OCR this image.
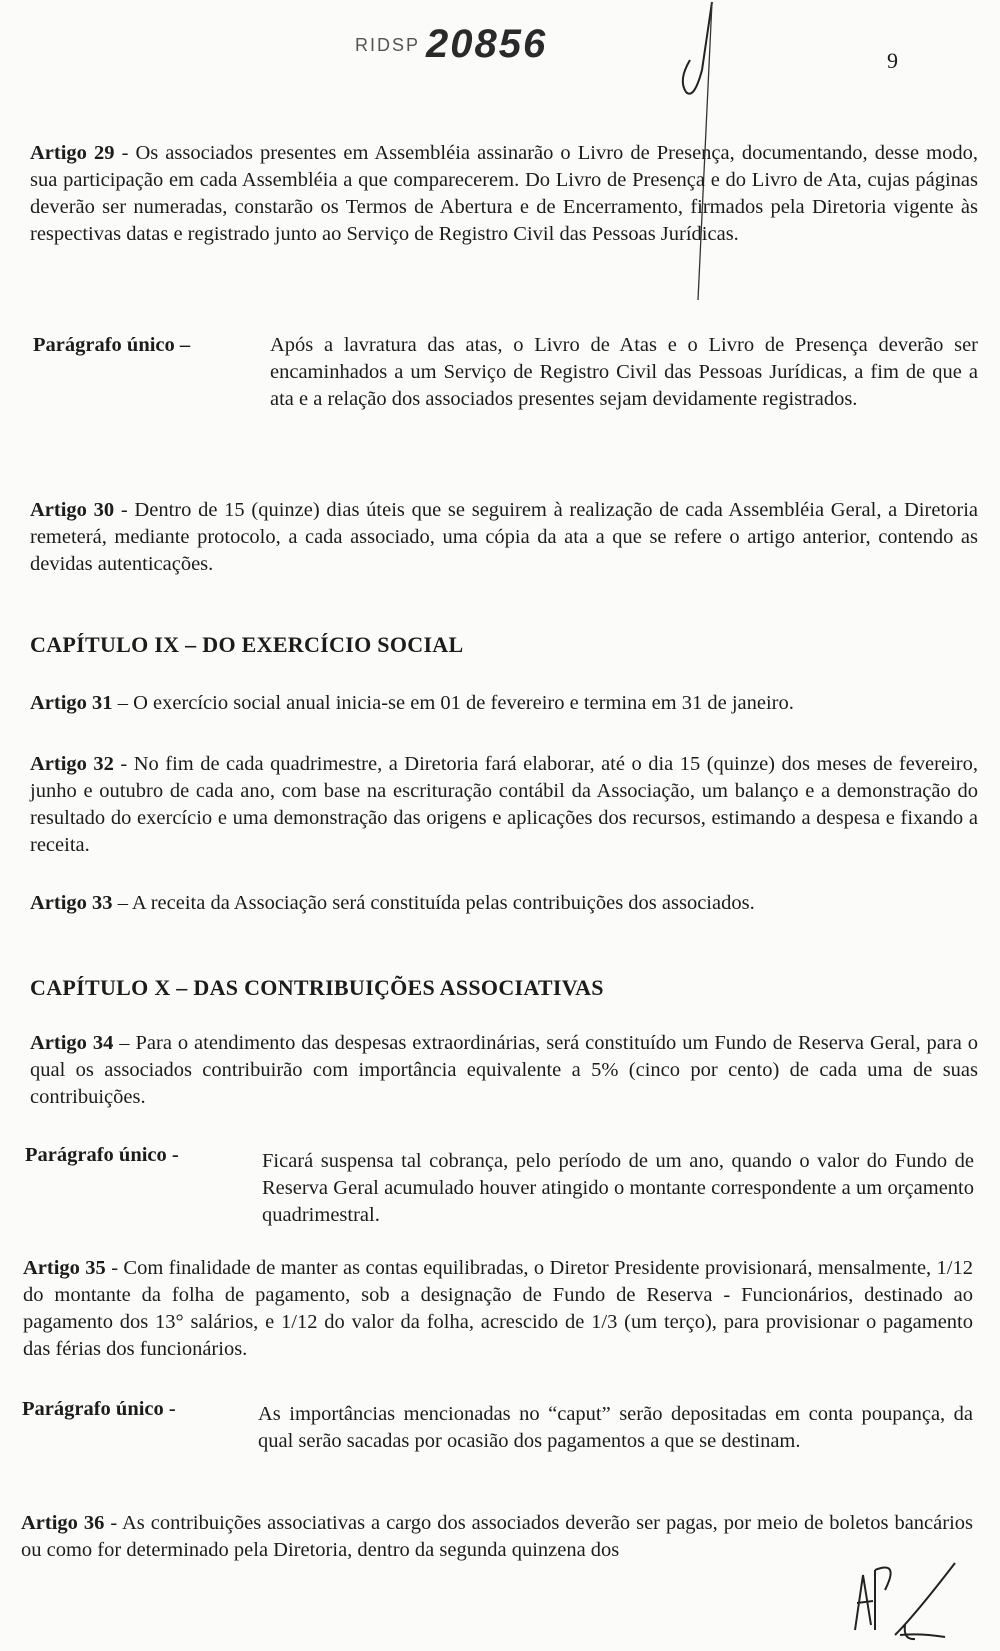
RIDSP 20856	9
Artigo 29 - Os associados presentes em Assembléia assinarão o Livro de Presença, documentando, desse modo, sua participação em cada Assembléia a que comparecerem. Do Livro de Presença e do Livro de Ata, cujas páginas deverão ser numeradas, constarão os Termos de Abertura e de Encerramento, firmados pela Diretoria vigente às respectivas datas e registrado junto ao Serviço de Registro Civil das Pessoas Jurídicas.
Parágrafo único –	Após a lavratura das atas, o Livro de Atas e o Livro de Presença deverão ser encaminhados a um Serviço de Registro Civil das Pessoas Jurídicas, a fim de que a ata e a relação dos associados presentes sejam devidamente registrados.
Artigo 30 - Dentro de 15 (quinze) dias úteis que se seguirem à realização de cada Assembléia Geral, a Diretoria remeterá, mediante protocolo, a cada associado, uma cópia da ata a que se refere o artigo anterior, contendo as devidas autenticações.
CAPÍTULO IX – DO EXERCÍCIO SOCIAL
Artigo 31 – O exercício social anual inicia-se em 01 de fevereiro e termina em 31 de janeiro.
Artigo 32 - No fim de cada quadrimestre, a Diretoria fará elaborar, até o dia 15 (quinze) dos meses de fevereiro, junho e outubro de cada ano, com base na escrituração contábil da Associação, um balanço e a demonstração do resultado do exercício e uma demonstração das origens e aplicações dos recursos, estimando a despesa e fixando a receita.
Artigo 33 – A receita da Associação será constituída pelas contribuições dos associados.
CAPÍTULO X – DAS CONTRIBUIÇÕES ASSOCIATIVAS
Artigo 34 – Para o atendimento das despesas extraordinárias, será constituído um Fundo de Reserva Geral, para o qual os associados contribuirão com importância equivalente a 5% (cinco por cento) de cada uma de suas contribuições.
Parágrafo único -	Ficará suspensa tal cobrança, pelo período de um ano, quando o valor do Fundo de Reserva Geral acumulado houver atingido o montante correspondente a um orçamento quadrimestral.
Artigo 35 - Com finalidade de manter as contas equilibradas, o Diretor Presidente provisionará, mensalmente, 1/12 do montante da folha de pagamento, sob a designação de Fundo de Reserva - Funcionários, destinado ao pagamento dos 13° salários, e 1/12 do valor da folha, acrescido de 1/3 (um terço), para provisionar o pagamento das férias dos funcionários.
Parágrafo único -	As importâncias mencionadas no “caput” serão depositadas em conta poupança, da qual serão sacadas por ocasião dos pagamentos a que se destinam.
Artigo 36 - As contribuições associativas a cargo dos associados deverão ser pagas, por meio de boletos bancários ou como for determinado pela Diretoria, dentro da segunda quinzena dos
